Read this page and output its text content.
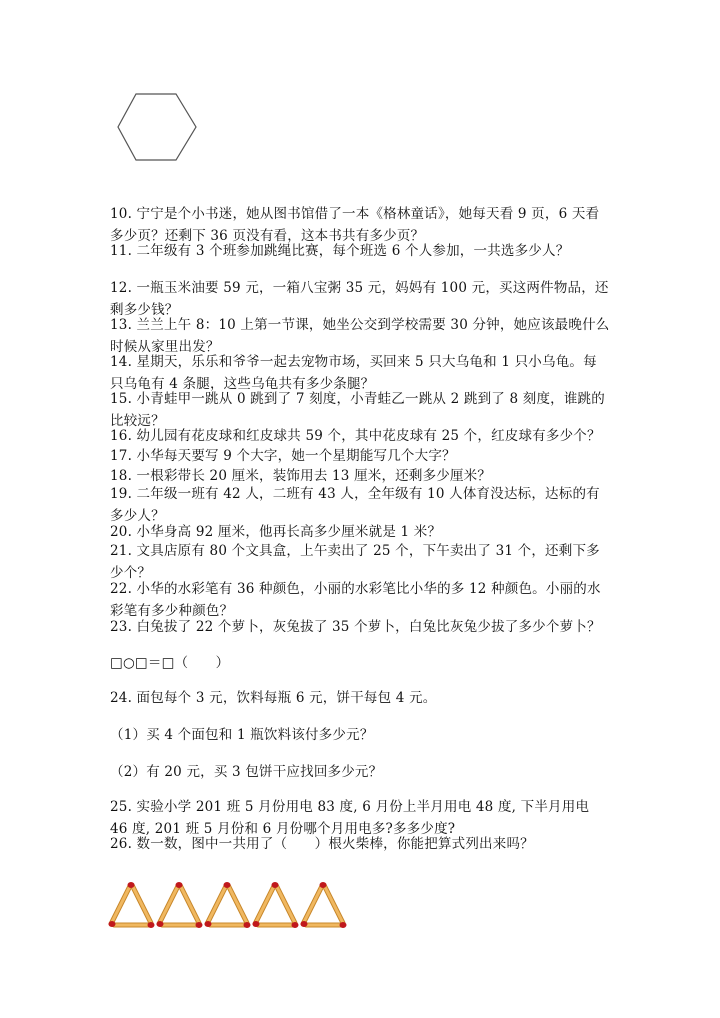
10. 宁宁是个小书迷，她从图书馆借了一本《格林童话》，她每天看 9 页，6 天看多少页？还剩下 36 页没有看，这本书共有多少页？

11. 二年级有 3 个班参加跳绳比赛，每个班选 6 个人参加，一共选多少人？

12. 一瓶玉米油要 59 元，一箱八宝粥 35 元，妈妈有 100 元，买这两件物品，还剩多少钱？

13. 兰兰上午 8：10 上第一节课，她坐公交到学校需要 30 分钟，她应该最晚什么时候从家里出发？

14. 星期天，乐乐和爷爷一起去宠物市场，买回来 5 只大乌龟和 1 只小乌龟。每只乌龟有 4 条腿，这些乌龟共有多少条腿？

15. 小青蛙甲一跳从 0 跳到了 7 刻度，小青蛙乙一跳从 2 跳到了 8 刻度，谁跳的比较远？

16. 幼儿园有花皮球和红皮球共 59 个，其中花皮球有 25 个，红皮球有多少个？

17. 小华每天要写 9 个大字，她一个星期能写几个大字？

18. 一根彩带长 20 厘米，装饰用去 13 厘米，还剩多少厘米？

19. 二年级一班有 42 人，二班有 43 人，全年级有 10 人体育没达标，达标的有多少人？

20. 小华身高 92 厘米，他再长高多少厘米就是 1 米？

21. 文具店原有 80 个文具盒，上午卖出了 25 个，下午卖出了 31 个，还剩下多少个？

22. 小华的水彩笔有 36 种颜色，小丽的水彩笔比小华的多 12 种颜色。小丽的水彩笔有多少种颜色？

23. 白兔拔了 22 个萝卜，灰兔拔了 35 个萝卜，白兔比灰兔少拔了多少个萝卜？

□○□＝□（　　）

24. 面包每个 3 元，饮料每瓶 6 元，饼干每包 4 元。

（1）买 4 个面包和 1 瓶饮料该付多少元？

（2）有 20 元，买 3 包饼干应找回多少元？

25. 实验小学 201 班 5 月份用电 83 度, 6 月份上半月用电 48 度, 下半月用电 46 度, 201 班 5 月份和 6 月份哪个月用电多?多多少度?

26. 数一数，图中一共用了（　　）根火柴棒，你能把算式列出来吗？
